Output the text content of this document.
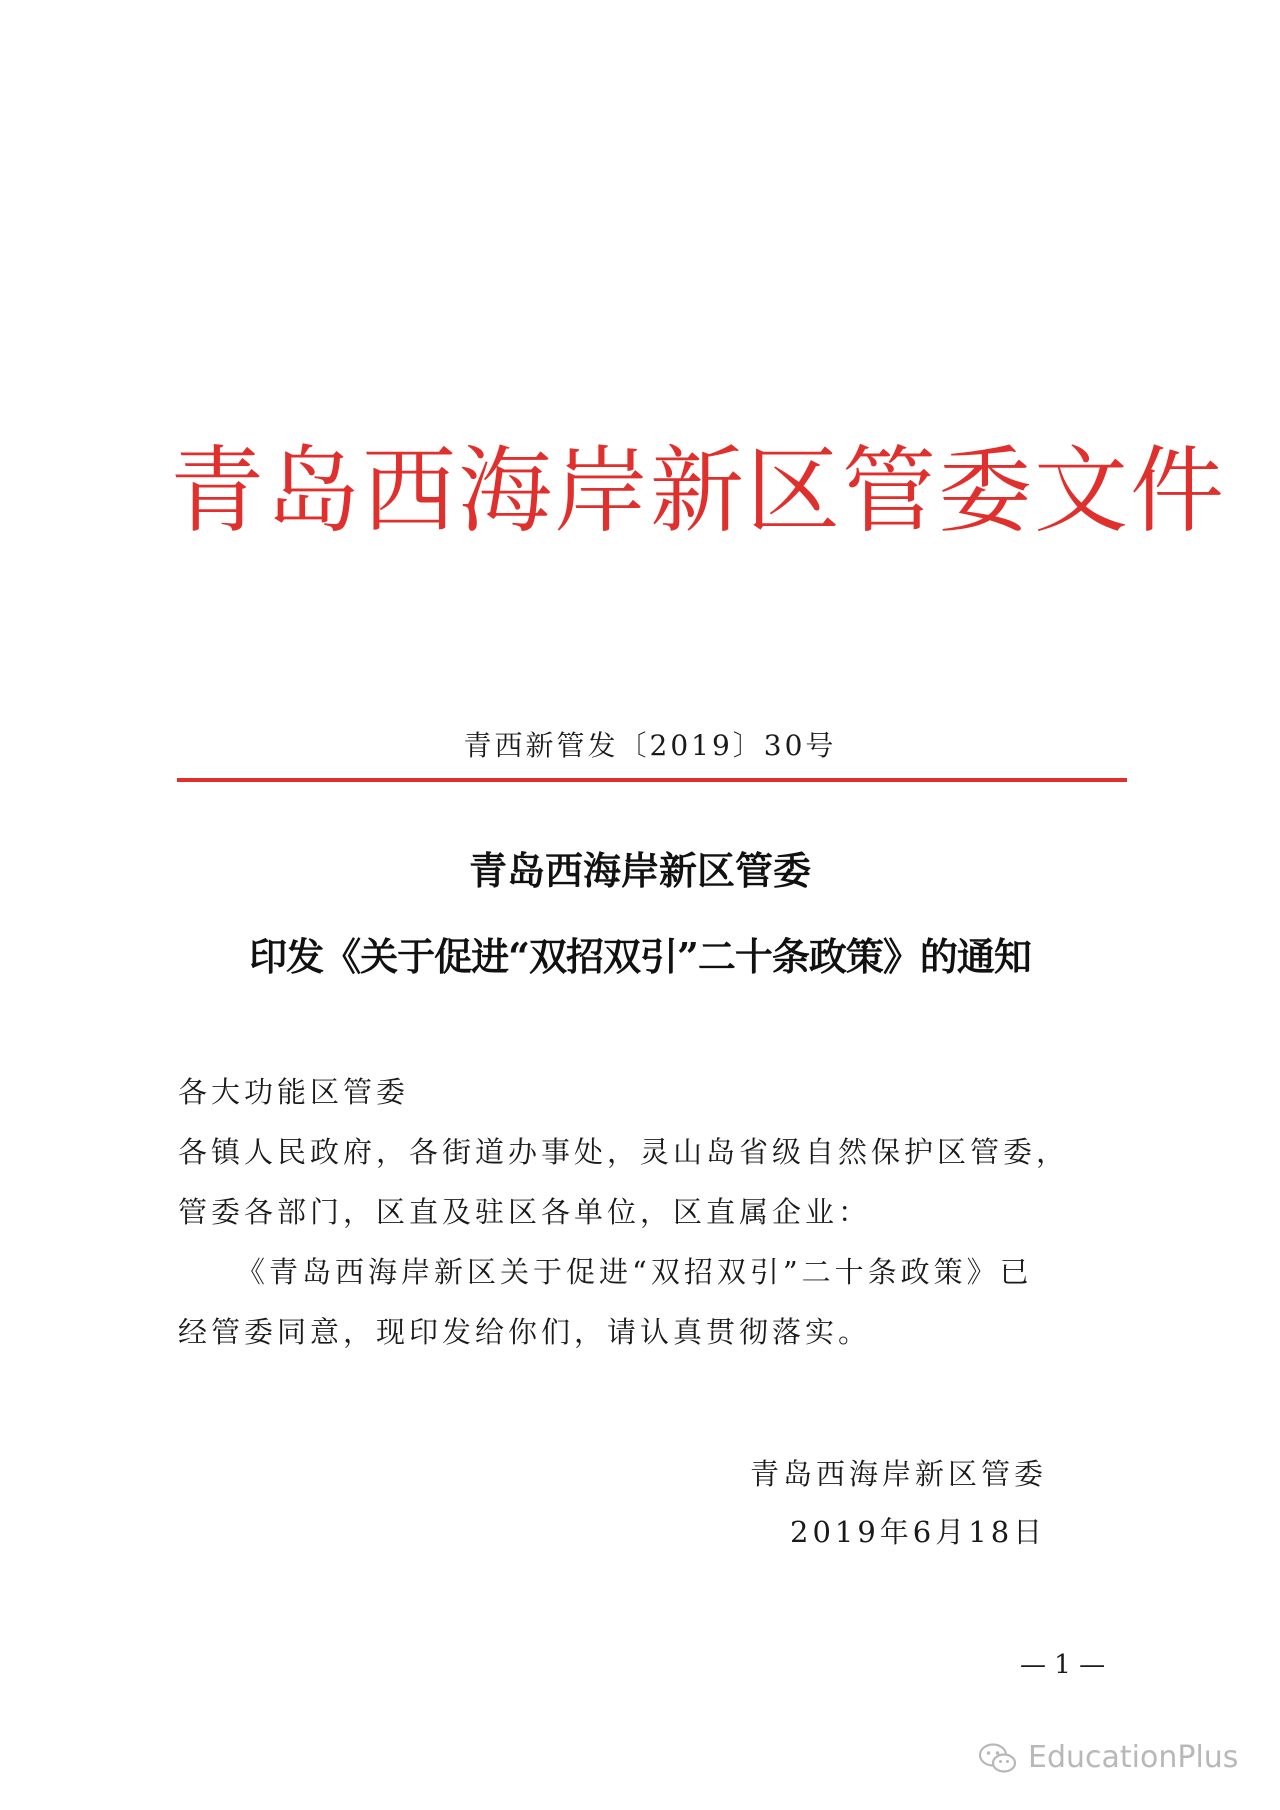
青岛西海岸新区管委文件
青西新管发〔2019〕30号
青岛西海岸新区管委
印发《关于促进“双招双引”二十条政策》的通知
各大功能区管委
各镇人民政府，各街道办事处，灵山岛省级自然保护区管委，
管委各部门，区直及驻区各单位，区直属企业：
《青岛西海岸新区关于促进“双招双引”二十条政策》已
经管委同意，现印发给你们，请认真贯彻落实。
青岛西海岸新区管委
2019年6月18日
— 1 —
EducationPlus
